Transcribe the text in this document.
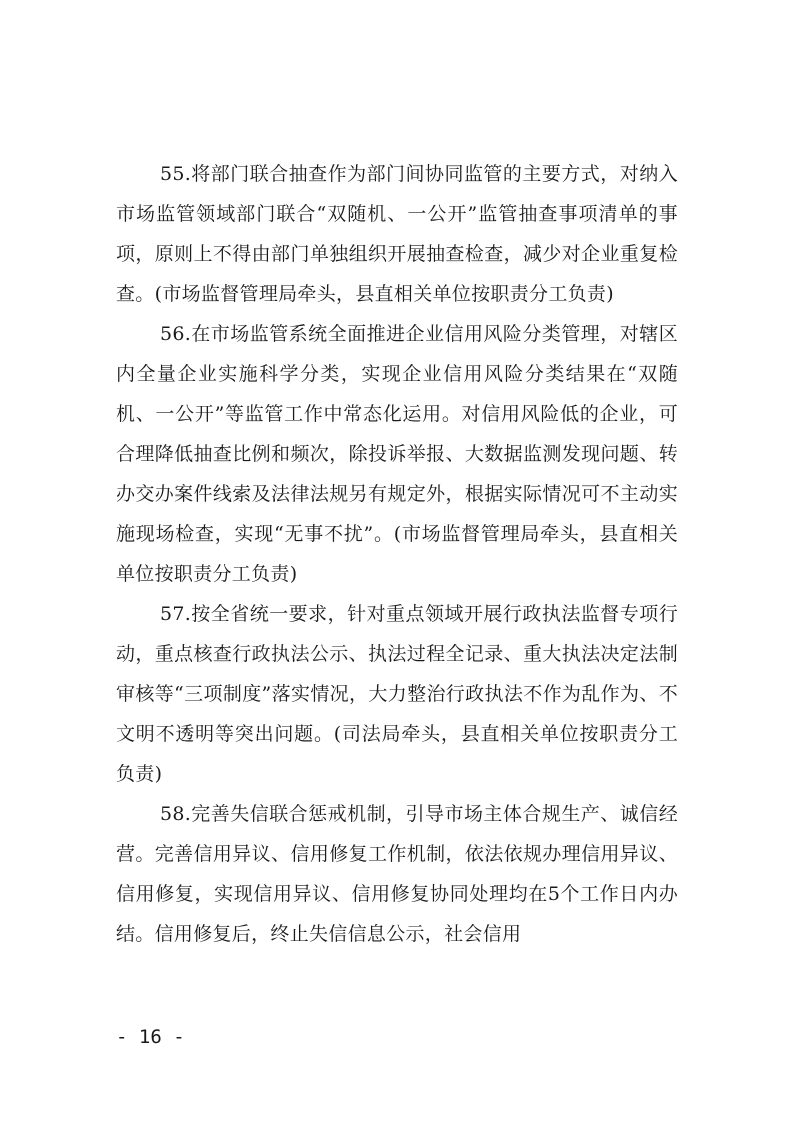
55.将部门联合抽查作为部门间协同监管的主要方式，对纳入市场监管领域部门联合“双随机、一公开”监管抽查事项清单的事项，原则上不得由部门单独组织开展抽查检查，减少对企业重复检查。(市场监督管理局牵头，县直相关单位按职责分工负责)

56.在市场监管系统全面推进企业信用风险分类管理，对辖区内全量企业实施科学分类，实现企业信用风险分类结果在“双随机、一公开”等监管工作中常态化运用。对信用风险低的企业，可合理降低抽查比例和频次，除投诉举报、大数据监测发现问题、转办交办案件线索及法律法规另有规定外，根据实际情况可不主动实施现场检查，实现“无事不扰”。(市场监督管理局牵头，县直相关单位按职责分工负责)

57.按全省统一要求，针对重点领域开展行政执法监督专项行动，重点核查行政执法公示、执法过程全记录、重大执法决定法制审核等“三项制度”落实情况，大力整治行政执法不作为乱作为、不文明不透明等突出问题。(司法局牵头，县直相关单位按职责分工负责)

58.完善失信联合惩戒机制，引导市场主体合规生产、诚信经营。完善信用异议、信用修复工作机制，依法依规办理信用异议、信用修复，实现信用异议、信用修复协同处理均在5个工作日内办结。信用修复后，终止失信信息公示，社会信用

- 16 -
